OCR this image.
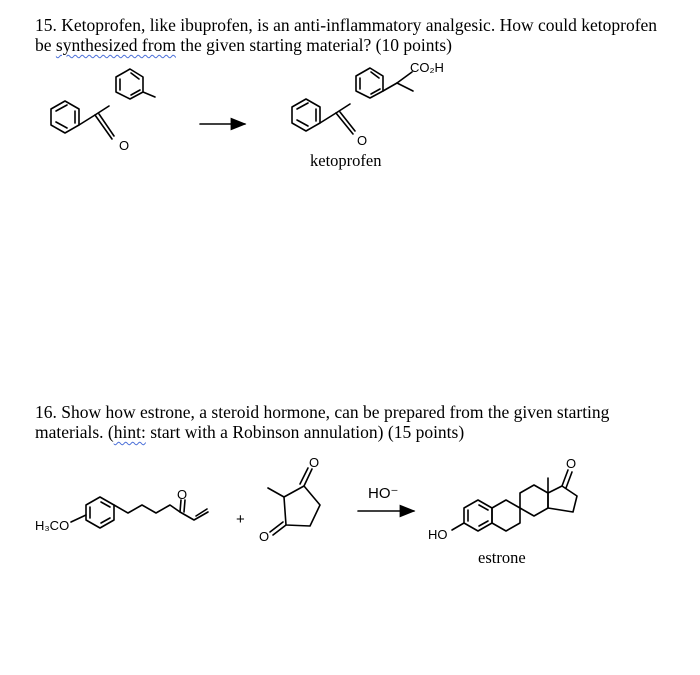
15. Ketoprofen, like ibuprofen, is an anti-inflammatory analgesic. How could ketoprofen
be synthesized from the given starting material? (10 points)
16. Show how estrone, a steroid hormone, can be prepared from the given starting
materials. (hint: start with a Robinson annulation) (15 points)
ketoprofen
estrone
O
CO₂H
O
H₃CO
O
+
O
O
HO⁻
HO
O
